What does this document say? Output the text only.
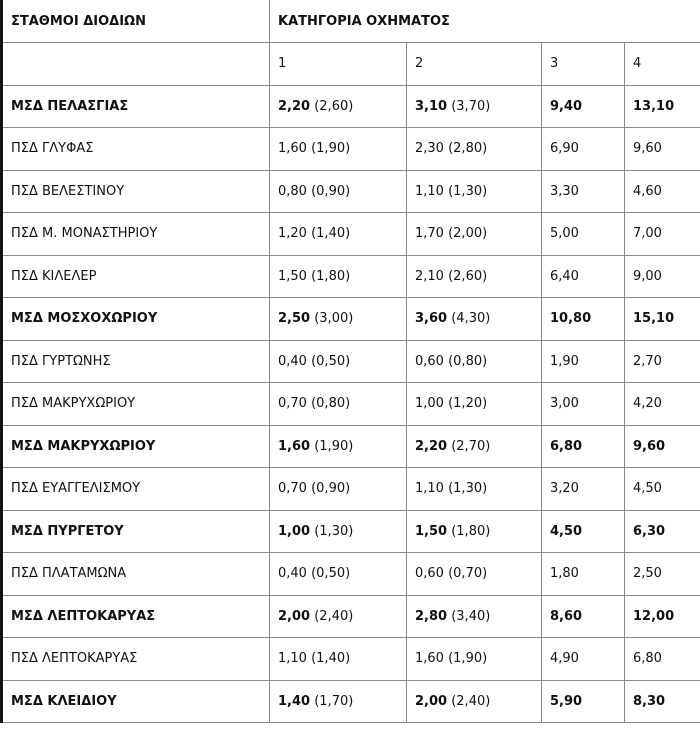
ΣΤΑΘΜΟΙ ΔΙΟΔΙΩΝ	ΚΑΤΗΓΟΡΙΑ ΟΧΗΜΑΤΟΣ			
	1	2	3	4
ΜΣΔ ΠΕΛΑΣΓΙΑΣ	2,20 (2,60)	3,10 (3,70)	9,40	13,10
ΠΣΔ ΓΛΥΦΑΣ	1,60 (1,90)	2,30 (2,80)	6,90	9,60
ΠΣΔ ΒΕΛΕΣΤΙΝΟΥ	0,80 (0,90)	1,10 (1,30)	3,30	4,60
ΠΣΔ Μ. ΜΟΝΑΣΤΗΡΙΟΥ	1,20 (1,40)	1,70 (2,00)	5,00	7,00
ΠΣΔ ΚΙΛΕΛΕΡ	1,50 (1,80)	2,10 (2,60)	6,40	9,00
ΜΣΔ ΜΟΣΧΟΧΩΡΙΟΥ	2,50 (3,00)	3,60 (4,30)	10,80	15,10
ΠΣΔ ΓΥΡΤΩΝΗΣ	0,40 (0,50)	0,60 (0,80)	1,90	2,70
ΠΣΔ ΜΑΚΡΥΧΩΡΙΟΥ	0,70 (0,80)	1,00 (1,20)	3,00	4,20
ΜΣΔ ΜΑΚΡΥΧΩΡΙΟΥ	1,60 (1,90)	2,20 (2,70)	6,80	9,60
ΠΣΔ ΕΥΑΓΓΕΛΙΣΜΟΥ	0,70 (0,90)	1,10 (1,30)	3,20	4,50
ΜΣΔ ΠΥΡΓΕΤΟΥ	1,00 (1,30)	1,50 (1,80)	4,50	6,30
ΠΣΔ ΠΛΑΤΑΜΩΝΑ	0,40 (0,50)	0,60 (0,70)	1,80	2,50
ΜΣΔ ΛΕΠΤΟΚΑΡΥΑΣ	2,00 (2,40)	2,80 (3,40)	8,60	12,00
ΠΣΔ ΛΕΠΤΟΚΑΡΥΑΣ	1,10 (1,40)	1,60 (1,90)	4,90	6,80
ΜΣΔ ΚΛΕΙΔΙΟΥ	1,40 (1,70)	2,00 (2,40)	5,90	8,30
